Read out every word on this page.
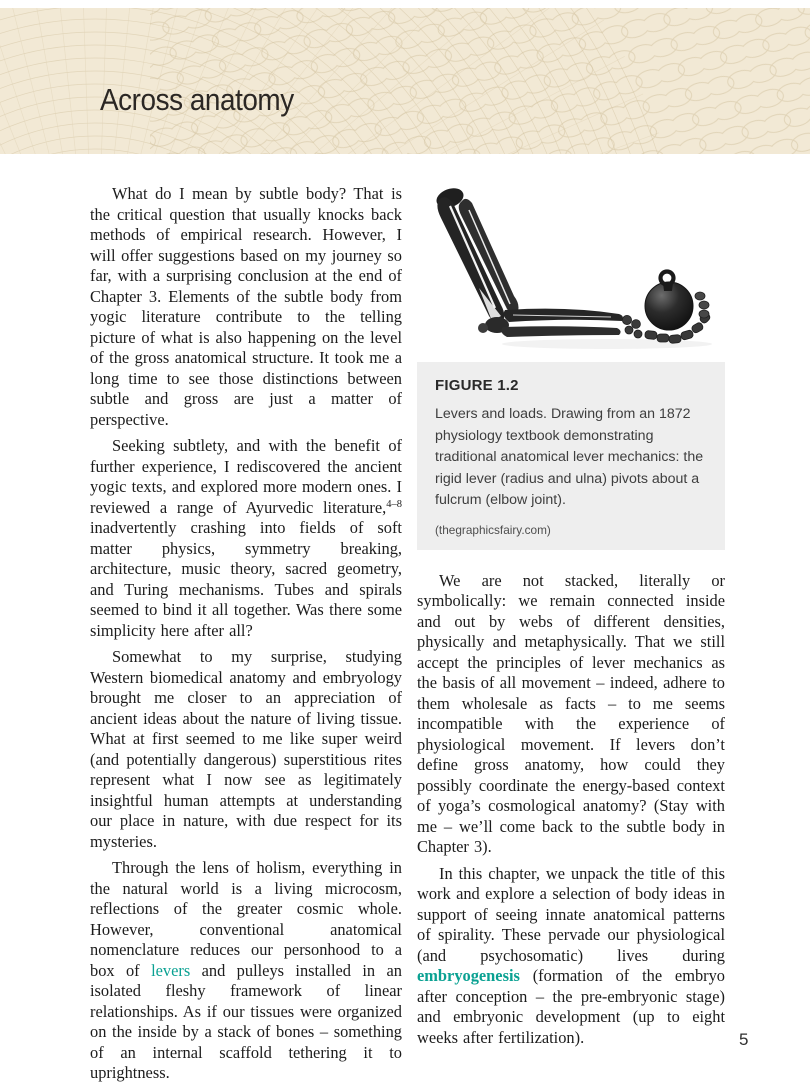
Across anatomy

What do I mean by subtle body? That is the critical question that usually knocks back methods of empirical research. However, I will offer suggestions based on my journey so far, with a surprising conclusion at the end of Chapter 3. Elements of the subtle body from yogic literature contribute to the telling picture of what is also happening on the level of the gross anatomical structure. It took me a long time to see those distinctions between subtle and gross are just a matter of perspective.

Seeking subtlety, and with the benefit of further experience, I rediscovered the ancient yogic texts, and explored more modern ones. I reviewed a range of Ayurvedic literature,$^{4-8}$ inadvertently crashing into fields of soft matter physics, symmetry breaking, architecture, music theory, sacred geometry, and Turing mechanisms. Tubes and spirals seemed to bind it all together. Was there some simplicity here after all?

Somewhat to my surprise, studying Western biomedical anatomy and embryology brought me closer to an appreciation of ancient ideas about the nature of living tissue. What at first seemed to me like super weird (and potentially dangerous) superstitious rites represent what I now see as legitimately insightful human attempts at understanding our place in nature, with due respect for its mysteries.

Through the lens of holism, everything in the natural world is a living microcosm, reflections of the greater cosmic whole. However, conventional anatomical nomenclature reduces our personhood to a box of levers and pulleys installed in an isolated fleshy framework of linear relationships. As if our tissues were organized on the inside by a stack of bones – something of an internal scaffold tethering it to uprightness.

FIGURE 1.2
Levers and loads. Drawing from an 1872 physiology textbook demonstrating traditional anatomical lever mechanics: the rigid lever (radius and ulna) pivots about a fulcrum (elbow joint).
(thegraphicsfairy.com)

We are not stacked, literally or symbolically: we remain connected inside and out by webs of different densities, physically and metaphysically. That we still accept the principles of lever mechanics as the basis of all movement – indeed, adhere to them wholesale as facts – to me seems incompatible with the experience of physiological movement. If levers don’t define gross anatomy, how could they possibly coordinate the energy-based context of yoga’s cosmological anatomy? (Stay with me – we’ll come back to the subtle body in Chapter 3).

In this chapter, we unpack the title of this work and explore a selection of body ideas in support of seeing innate anatomical patterns of spirality. These pervade our physiological (and psychosomatic) lives during embryogenesis (formation of the embryo after conception – the pre-embryonic stage) and embryonic development (up to eight weeks after fertilization).	5
